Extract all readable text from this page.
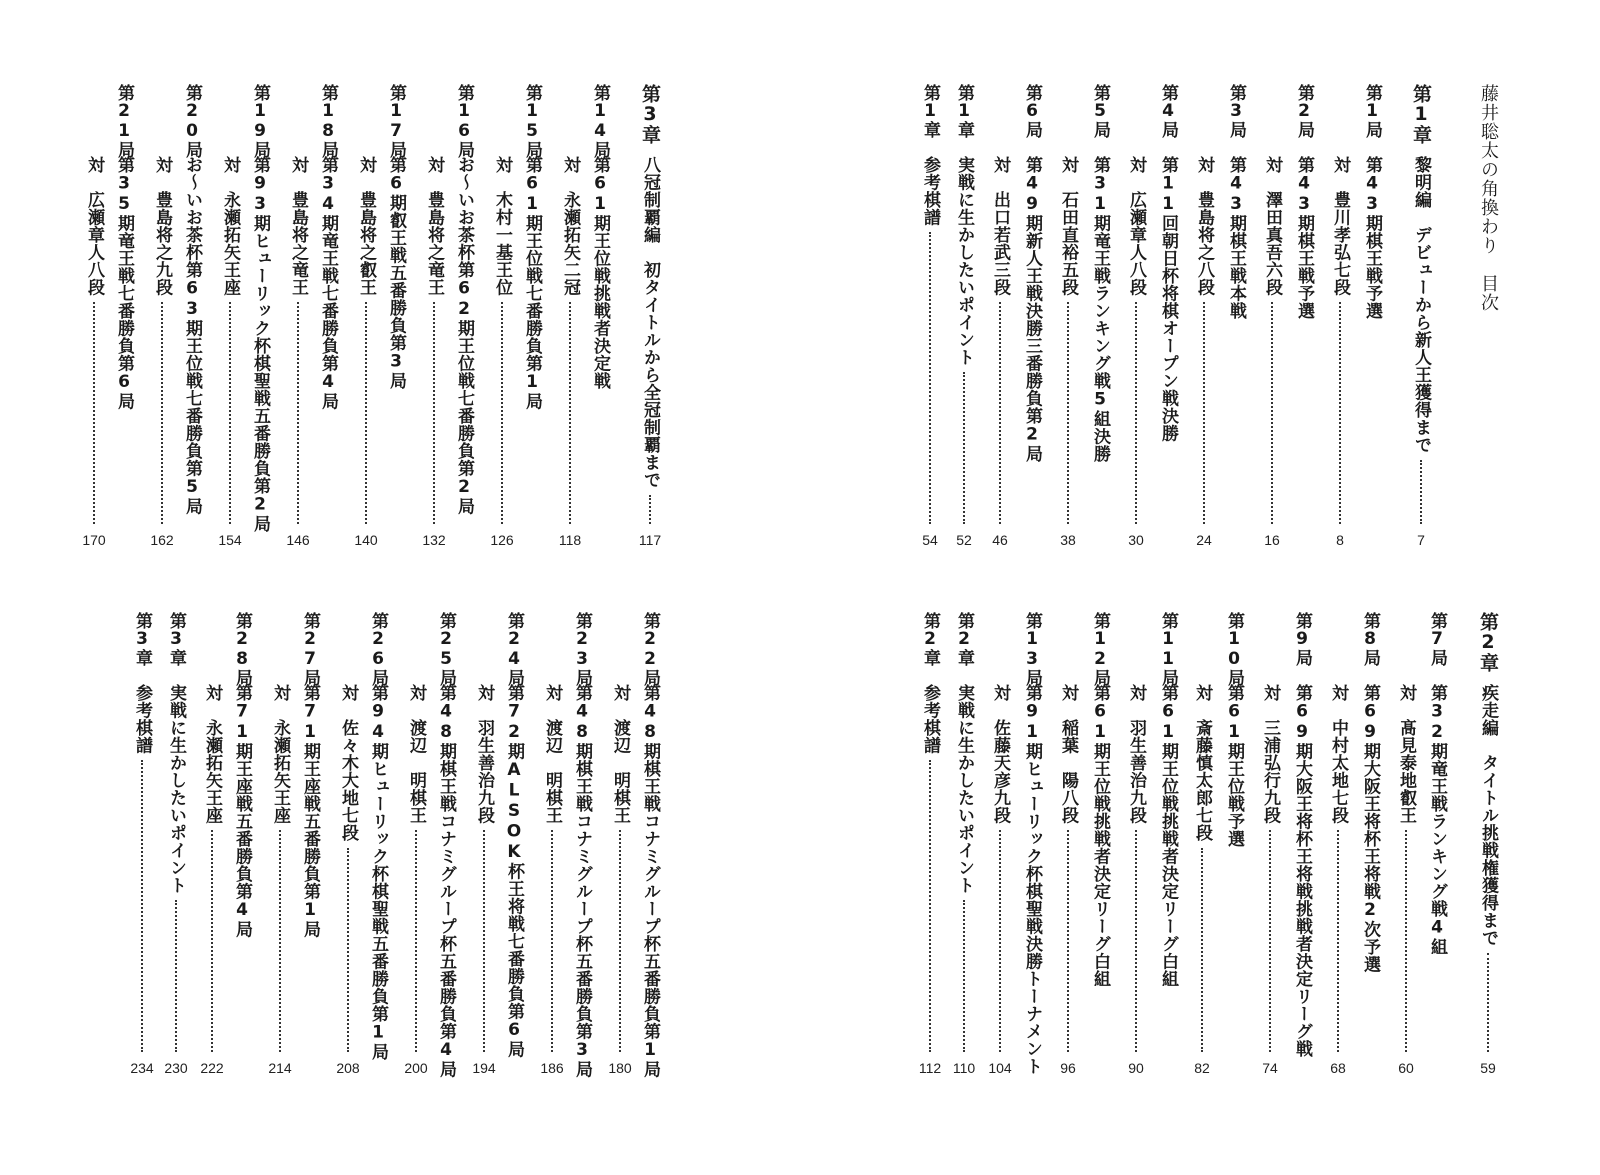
藤井聡太の角換わり　目次
第1章黎明編　デビューから新人王獲得まで
第1局第43期棋王戦予選
対　豊川孝弘七段
第2局第43期棋王戦予選
対　澤田真吾六段
第3局第43期棋王戦本戦
対　豊島将之八段
第4局第11回朝日杯将棋オープン戦決勝
対　広瀬章人八段
第5局第31期竜王戦ランキング戦5組決勝
対　石田直裕五段
第6局第49期新人王戦決勝三番勝負第2局
対　出口若武三段
第1章実戦に生かしたいポイント
第1章参考棋譜
7
8
16
24
30
38
46
52
54
第3章八冠制覇編　初タイトルから全冠制覇まで
第14局第61期王位戦挑戦者決定戦
対　永瀬拓矢二冠
第15局第61期王位戦七番勝負第1局
対　木村一基王位
第16局お～いお茶杯第62期王位戦七番勝負第2局
対　豊島将之竜王
第17局第6期叡王戦五番勝負第3局
対　豊島将之叡王
第18局第34期竜王戦七番勝負第4局
対　豊島将之竜王
第19局第93期ヒューリック杯棋聖戦五番勝負第2局
対　永瀬拓矢王座
第20局お～いお茶杯第63期王位戦七番勝負第5局
対　豊島将之九段
第21局第35期竜王戦七番勝負第6局
対　広瀬章人八段
117
118
126
132
140
146
154
162
170
第2章疾走編　タイトル挑戦権獲得まで
第7局第32期竜王戦ランキング戦4組
対　髙見泰地叡王
第8局第69期大阪王将杯王将戦2次予選
対　中村太地七段
第9局第69期大阪王将杯王将戦挑戦者決定リーグ戦
対　三浦弘行九段
第10局第61期王位戦予選
対　斎藤慎太郎七段
第11局第61期王位戦挑戦者決定リーグ白組
対　羽生善治九段
第12局第61期王位戦挑戦者決定リーグ白組
対　稲葉　陽八段
第13局第91期ヒューリック杯棋聖戦決勝トーナメント
対　佐藤天彦九段
第2章実戦に生かしたいポイント
第2章参考棋譜
59
60
68
74
82
90
96
104
110
112
第22局第48期棋王戦コナミグループ杯五番勝負第1局
対　渡辺　明棋王
第23局第48期棋王戦コナミグループ杯五番勝負第3局
対　渡辺　明棋王
第24局第72期ALSOK杯王将戦七番勝負第6局
対　羽生善治九段
第25局第48期棋王戦コナミグループ杯五番勝負第4局
対　渡辺　明棋王
第26局第94期ヒューリック杯棋聖戦五番勝負第1局
対　佐々木大地七段
第27局第71期王座戦五番勝負第1局
対　永瀬拓矢王座
第28局第71期王座戦五番勝負第4局
対　永瀬拓矢王座
第3章実戦に生かしたいポイント
第3章参考棋譜
180
186
194
200
208
214
222
230
234
